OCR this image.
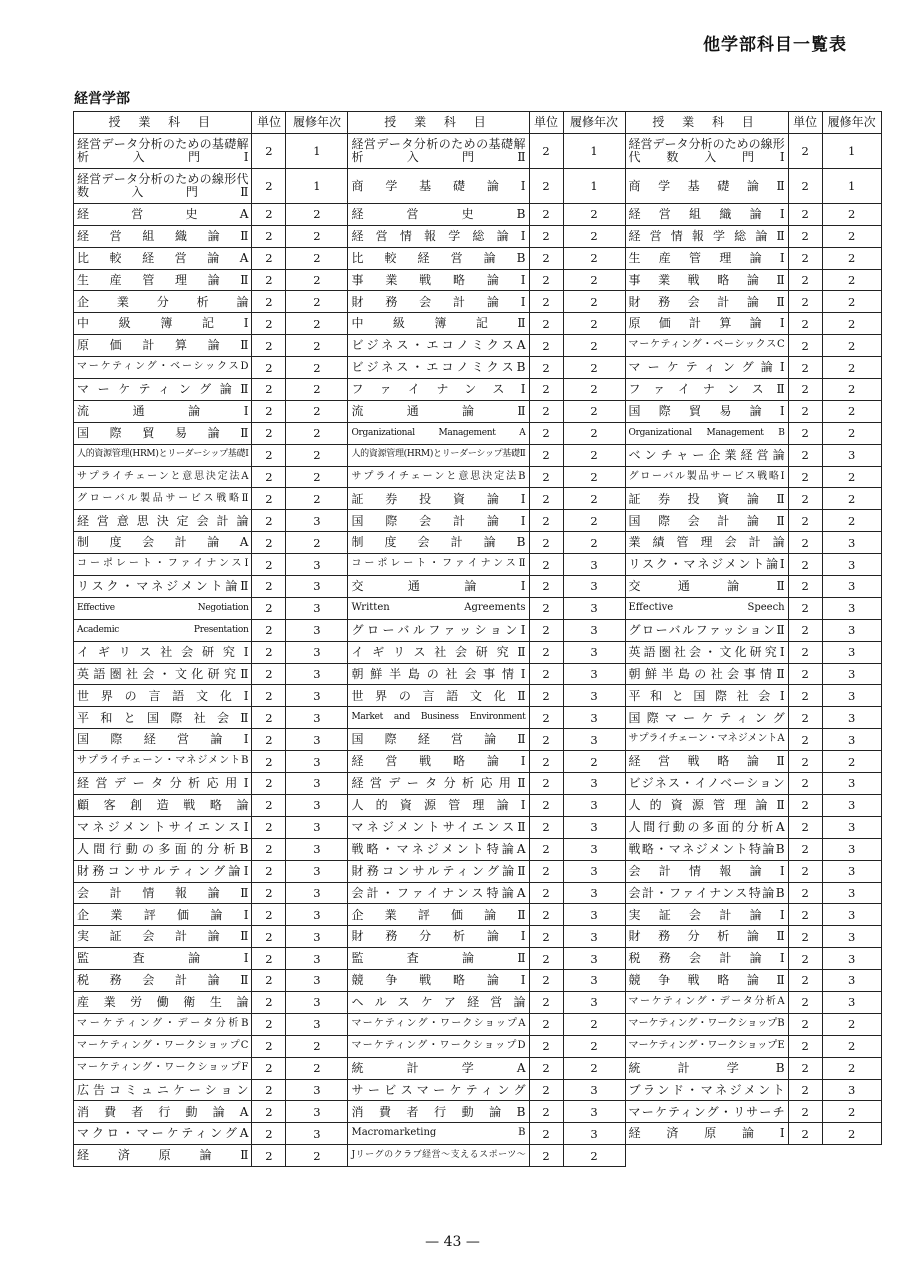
他学部科目一覧表
経営学部
授 業 科 目	単位	履修年次	授 業 科 目	単位	履修年次	授 業 科 目	単位	履修年次
経営データ分析のための基礎解析入門Ⅰ	2	1	経営データ分析のための基礎解析入門Ⅱ	2	1	経営データ分析のための線形代数入門Ⅰ	2	1
経営データ分析のための線形代数入門Ⅱ	2	1	商学基礎論Ⅰ	2	1	商学基礎論Ⅱ	2	1
経営史A	2	2	経営史B	2	2	経営組織論Ⅰ	2	2
経営組織論Ⅱ	2	2	経営情報学総論Ⅰ	2	2	経営情報学総論Ⅱ	2	2
比較経営論A	2	2	比較経営論B	2	2	生産管理論Ⅰ	2	2
生産管理論Ⅱ	2	2	事業戦略論Ⅰ	2	2	事業戦略論Ⅱ	2	2
企業分析論	2	2	財務会計論Ⅰ	2	2	財務会計論Ⅱ	2	2
中級簿記Ⅰ	2	2	中級簿記Ⅱ	2	2	原価計算論Ⅰ	2	2
原価計算論Ⅱ	2	2	ビジネス・エコノミクスA	2	2	マーケティング・ベーシックスC	2	2
マーケティング・ベーシックスD	2	2	ビジネス・エコノミクスB	2	2	マーケティング論Ⅰ	2	2
マーケティング論Ⅱ	2	2	ファイナンスⅠ	2	2	ファイナンスⅡ	2	2
流通論Ⅰ	2	2	流通論Ⅱ	2	2	国際貿易論Ⅰ	2	2
国際貿易論Ⅱ	2	2	Organizational Management A	2	2	Organizational Management B	2	2
人的資源管理(HRM)とリーダーシップ基礎Ⅰ	2	2	人的資源管理(HRM)とリーダーシップ基礎Ⅱ	2	2	ベンチャー企業経営論	2	3
サプライチェーンと意思決定法A	2	2	サプライチェーンと意思決定法B	2	2	グローバル製品サービス戦略Ⅰ	2	2
グローバル製品サービス戦略Ⅱ	2	2	証券投資論Ⅰ	2	2	証券投資論Ⅱ	2	2
経営意思決定会計論	2	3	国際会計論Ⅰ	2	2	国際会計論Ⅱ	2	2
制度会計論A	2	2	制度会計論B	2	2	業績管理会計論	2	3
コーポレート・ファイナンスⅠ	2	3	コーポレート・ファイナンスⅡ	2	3	リスク・マネジメント論Ⅰ	2	3
リスク・マネジメント論Ⅱ	2	3	交通論Ⅰ	2	3	交通論Ⅱ	2	3
Effective Negotiation	2	3	Written Agreements	2	3	Effective Speech	2	3
Academic Presentation	2	3	グローバルファッションⅠ	2	3	グローバルファッションⅡ	2	3
イギリス社会研究Ⅰ	2	3	イギリス社会研究Ⅱ	2	3	英語圏社会・文化研究Ⅰ	2	3
英語圏社会・文化研究Ⅱ	2	3	朝鮮半島の社会事情Ⅰ	2	3	朝鮮半島の社会事情Ⅱ	2	3
世界の言語文化Ⅰ	2	3	世界の言語文化Ⅱ	2	3	平和と国際社会Ⅰ	2	3
平和と国際社会Ⅱ	2	3	Market and Business Environment	2	3	国際マーケティング	2	3
国際経営論Ⅰ	2	3	国際経営論Ⅱ	2	3	サプライチェーン・マネジメントA	2	3
サプライチェーン・マネジメントB	2	3	経営戦略論Ⅰ	2	2	経営戦略論Ⅱ	2	2
経営データ分析応用Ⅰ	2	3	経営データ分析応用Ⅱ	2	3	ビジネス・イノベーション	2	3
顧客創造戦略論	2	3	人的資源管理論Ⅰ	2	3	人的資源管理論Ⅱ	2	3
マネジメントサイエンスⅠ	2	3	マネジメントサイエンスⅡ	2	3	人間行動の多面的分析A	2	3
人間行動の多面的分析B	2	3	戦略・マネジメント特論A	2	3	戦略・マネジメント特論B	2	3
財務コンサルティング論Ⅰ	2	3	財務コンサルティング論Ⅱ	2	3	会計情報論Ⅰ	2	3
会計情報論Ⅱ	2	3	会計・ファイナンス特論A	2	3	会計・ファイナンス特論B	2	3
企業評価論Ⅰ	2	3	企業評価論Ⅱ	2	3	実証会計論Ⅰ	2	3
実証会計論Ⅱ	2	3	財務分析論Ⅰ	2	3	財務分析論Ⅱ	2	3
監査論Ⅰ	2	3	監査論Ⅱ	2	3	税務会計論Ⅰ	2	3
税務会計論Ⅱ	2	3	競争戦略論Ⅰ	2	3	競争戦略論Ⅱ	2	3
産業労働衛生論	2	3	ヘルスケア経営論	2	3	マーケティング・データ分析A	2	3
マーケティング・データ分析B	2	3	マーケティング・ワークショップA	2	2	マーケティング・ワークショップB	2	2
マーケティング・ワークショップC	2	2	マーケティング・ワークショップD	2	2	マーケティング・ワークショップE	2	2
マーケティング・ワークショップF	2	2	統計学A	2	2	統計学B	2	2
広告コミュニケーション	2	3	サービスマーケティング	2	3	ブランド・マネジメント	2	3
消費者行動論A	2	3	消費者行動論B	2	3	マーケティング・リサーチ	2	2
マクロ・マーケティングA	2	3	Macromarketing B	2	3	経済原論Ⅰ	2	2
経済原論Ⅱ	2	2	Jリーグのクラブ経営〜支えるスポーツ〜	2	2			
— 43 —
